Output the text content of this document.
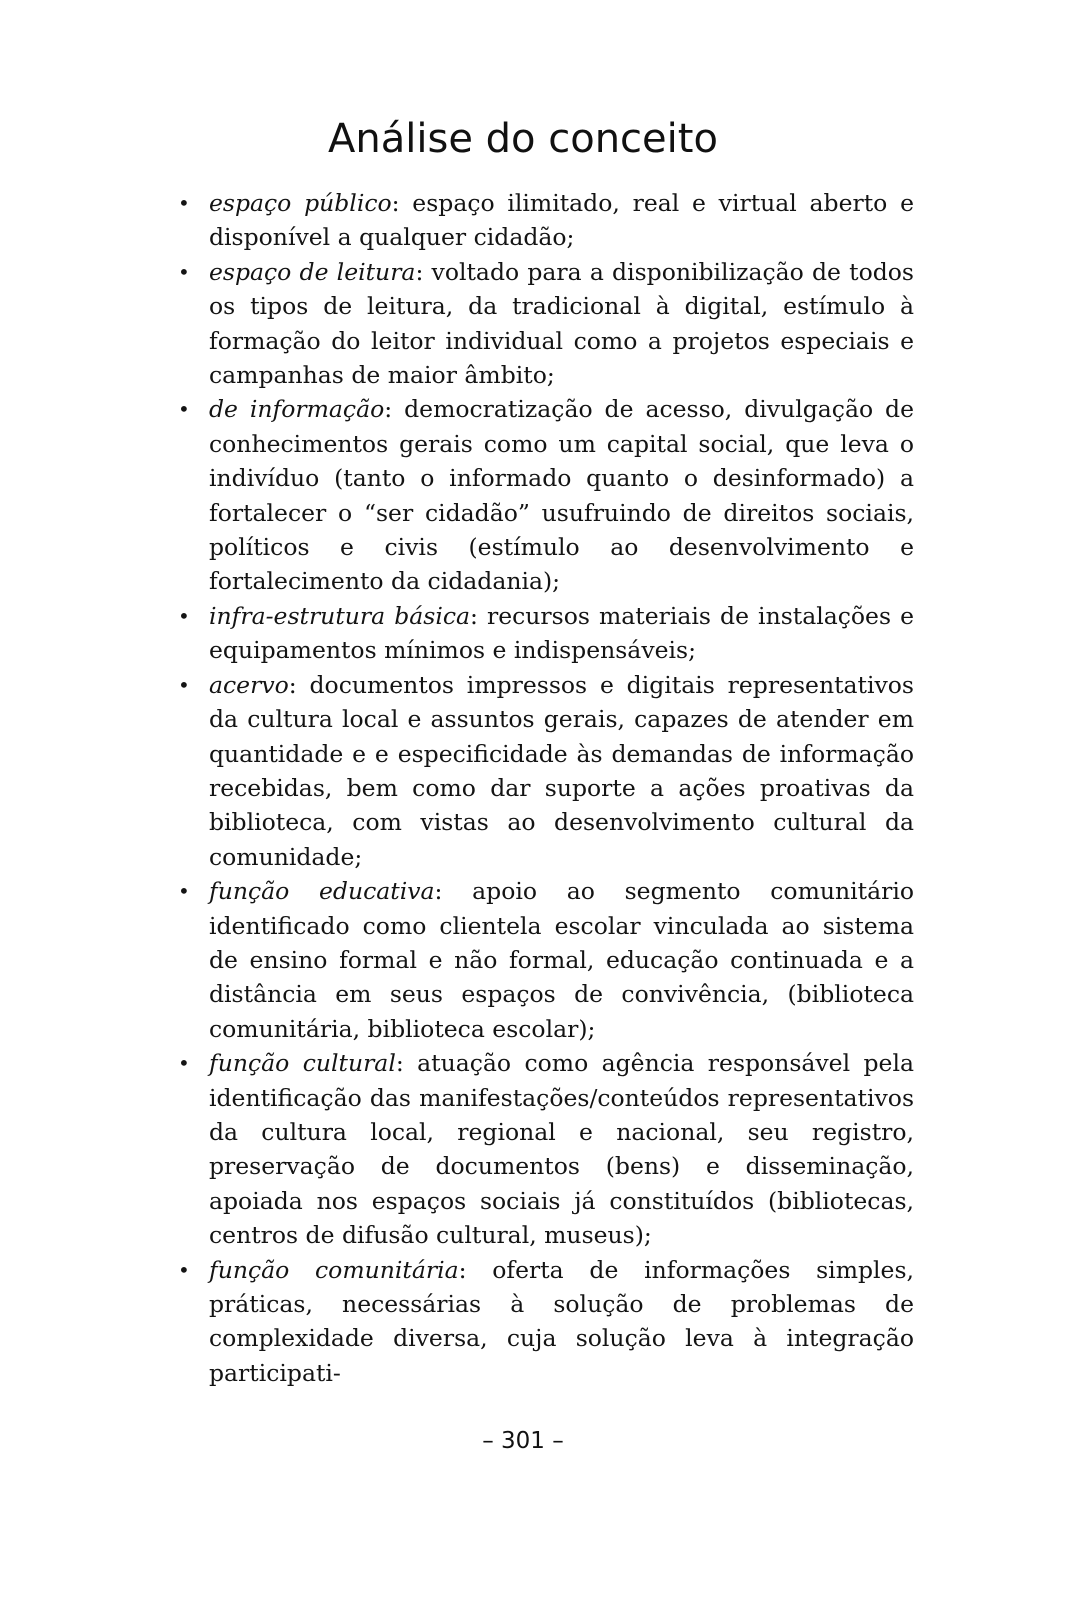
Análise do conceito
• espaço público: espaço ilimitado, real e virtual aberto e disponível a qualquer cidadão;
• espaço de leitura: voltado para a disponibilização de todos os tipos de leitura, da tradicional à digital, estímulo à formação do leitor individual como a projetos especiais e campanhas de maior âmbito;
• de informação: democratização de acesso, divulgação de conhecimentos gerais como um capital social, que leva o indivíduo (tanto o informado quanto o desinformado) a fortalecer o “ser cidadão” usufruindo de direitos sociais, políticos e civis (estímulo ao desenvolvimento e fortalecimento da cidadania);
• infra-estrutura básica: recursos materiais de instalações e equipamentos mínimos e indispensáveis;
• acervo: documentos impressos e digitais representativos da cultura local e assuntos gerais, capazes de atender em quantidade e e especificidade às demandas de informação recebidas, bem como dar suporte a ações proativas da biblioteca, com vistas ao desenvolvimento cultural da comunidade;
• função educativa: apoio ao segmento comunitário identificado como clientela escolar vinculada ao sistema de ensino formal e não formal, educação continuada e a distância em seus espaços de convivência, (biblioteca comunitária, biblioteca escolar);
• função cultural: atuação como agência responsável pela identificação das manifestações/conteúdos representativos da cultura local, regional e nacional, seu registro, preservação de documentos (bens) e disseminação, apoiada nos espaços sociais já constituídos (bibliotecas, centros de difusão cultural, museus);
• função comunitária: oferta de informações simples, práticas, necessárias à solução de problemas de complexidade diversa, cuja solução leva à integração participati-
– 301 –
